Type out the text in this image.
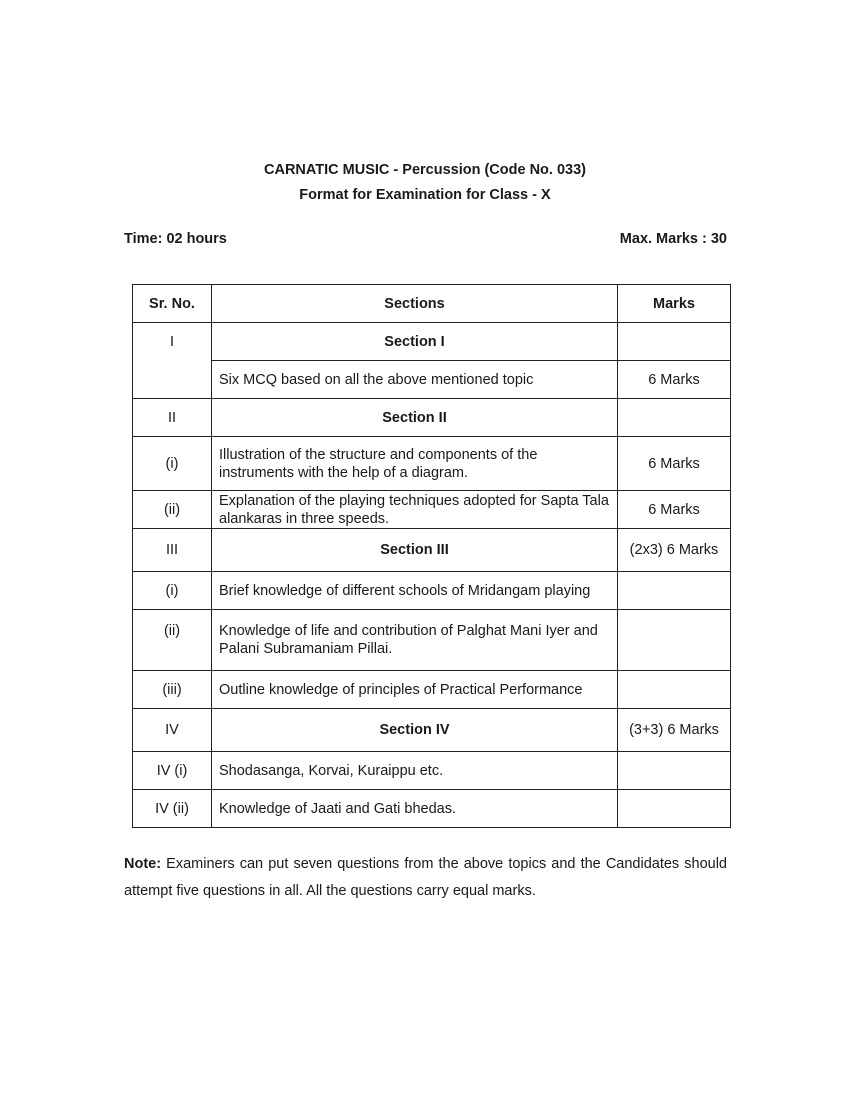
CARNATIC MUSIC - Percussion (Code No. 033)
Format for Examination for Class - X
Time: 02 hours	Max. Marks : 30
Sr. No.	Sections	Marks
I	Section I	
	Six MCQ based on all the above mentioned topic	6 Marks
II	Section II	
(i)	Illustration of the structure and components of the instruments with the help of a diagram.	6 Marks
(ii)	Explanation of the playing techniques adopted for Sapta Tala alankaras in three speeds.	6 Marks
III	Section III	(2x3) 6 Marks
(i)	Brief knowledge of different schools of Mridangam playing	
(ii)	Knowledge of life and contribution of Palghat Mani Iyer and Palani Subramaniam Pillai.	
(iii)	Outline knowledge of principles of Practical Performance	
IV	Section IV	(3+3) 6 Marks
IV (i)	Shodasanga, Korvai, Kuraippu etc.	
IV (ii)	Knowledge of Jaati and Gati bhedas.	
Note: Examiners can put seven questions from the above topics and the Candidates should attempt five questions in all. All the questions carry equal marks.
